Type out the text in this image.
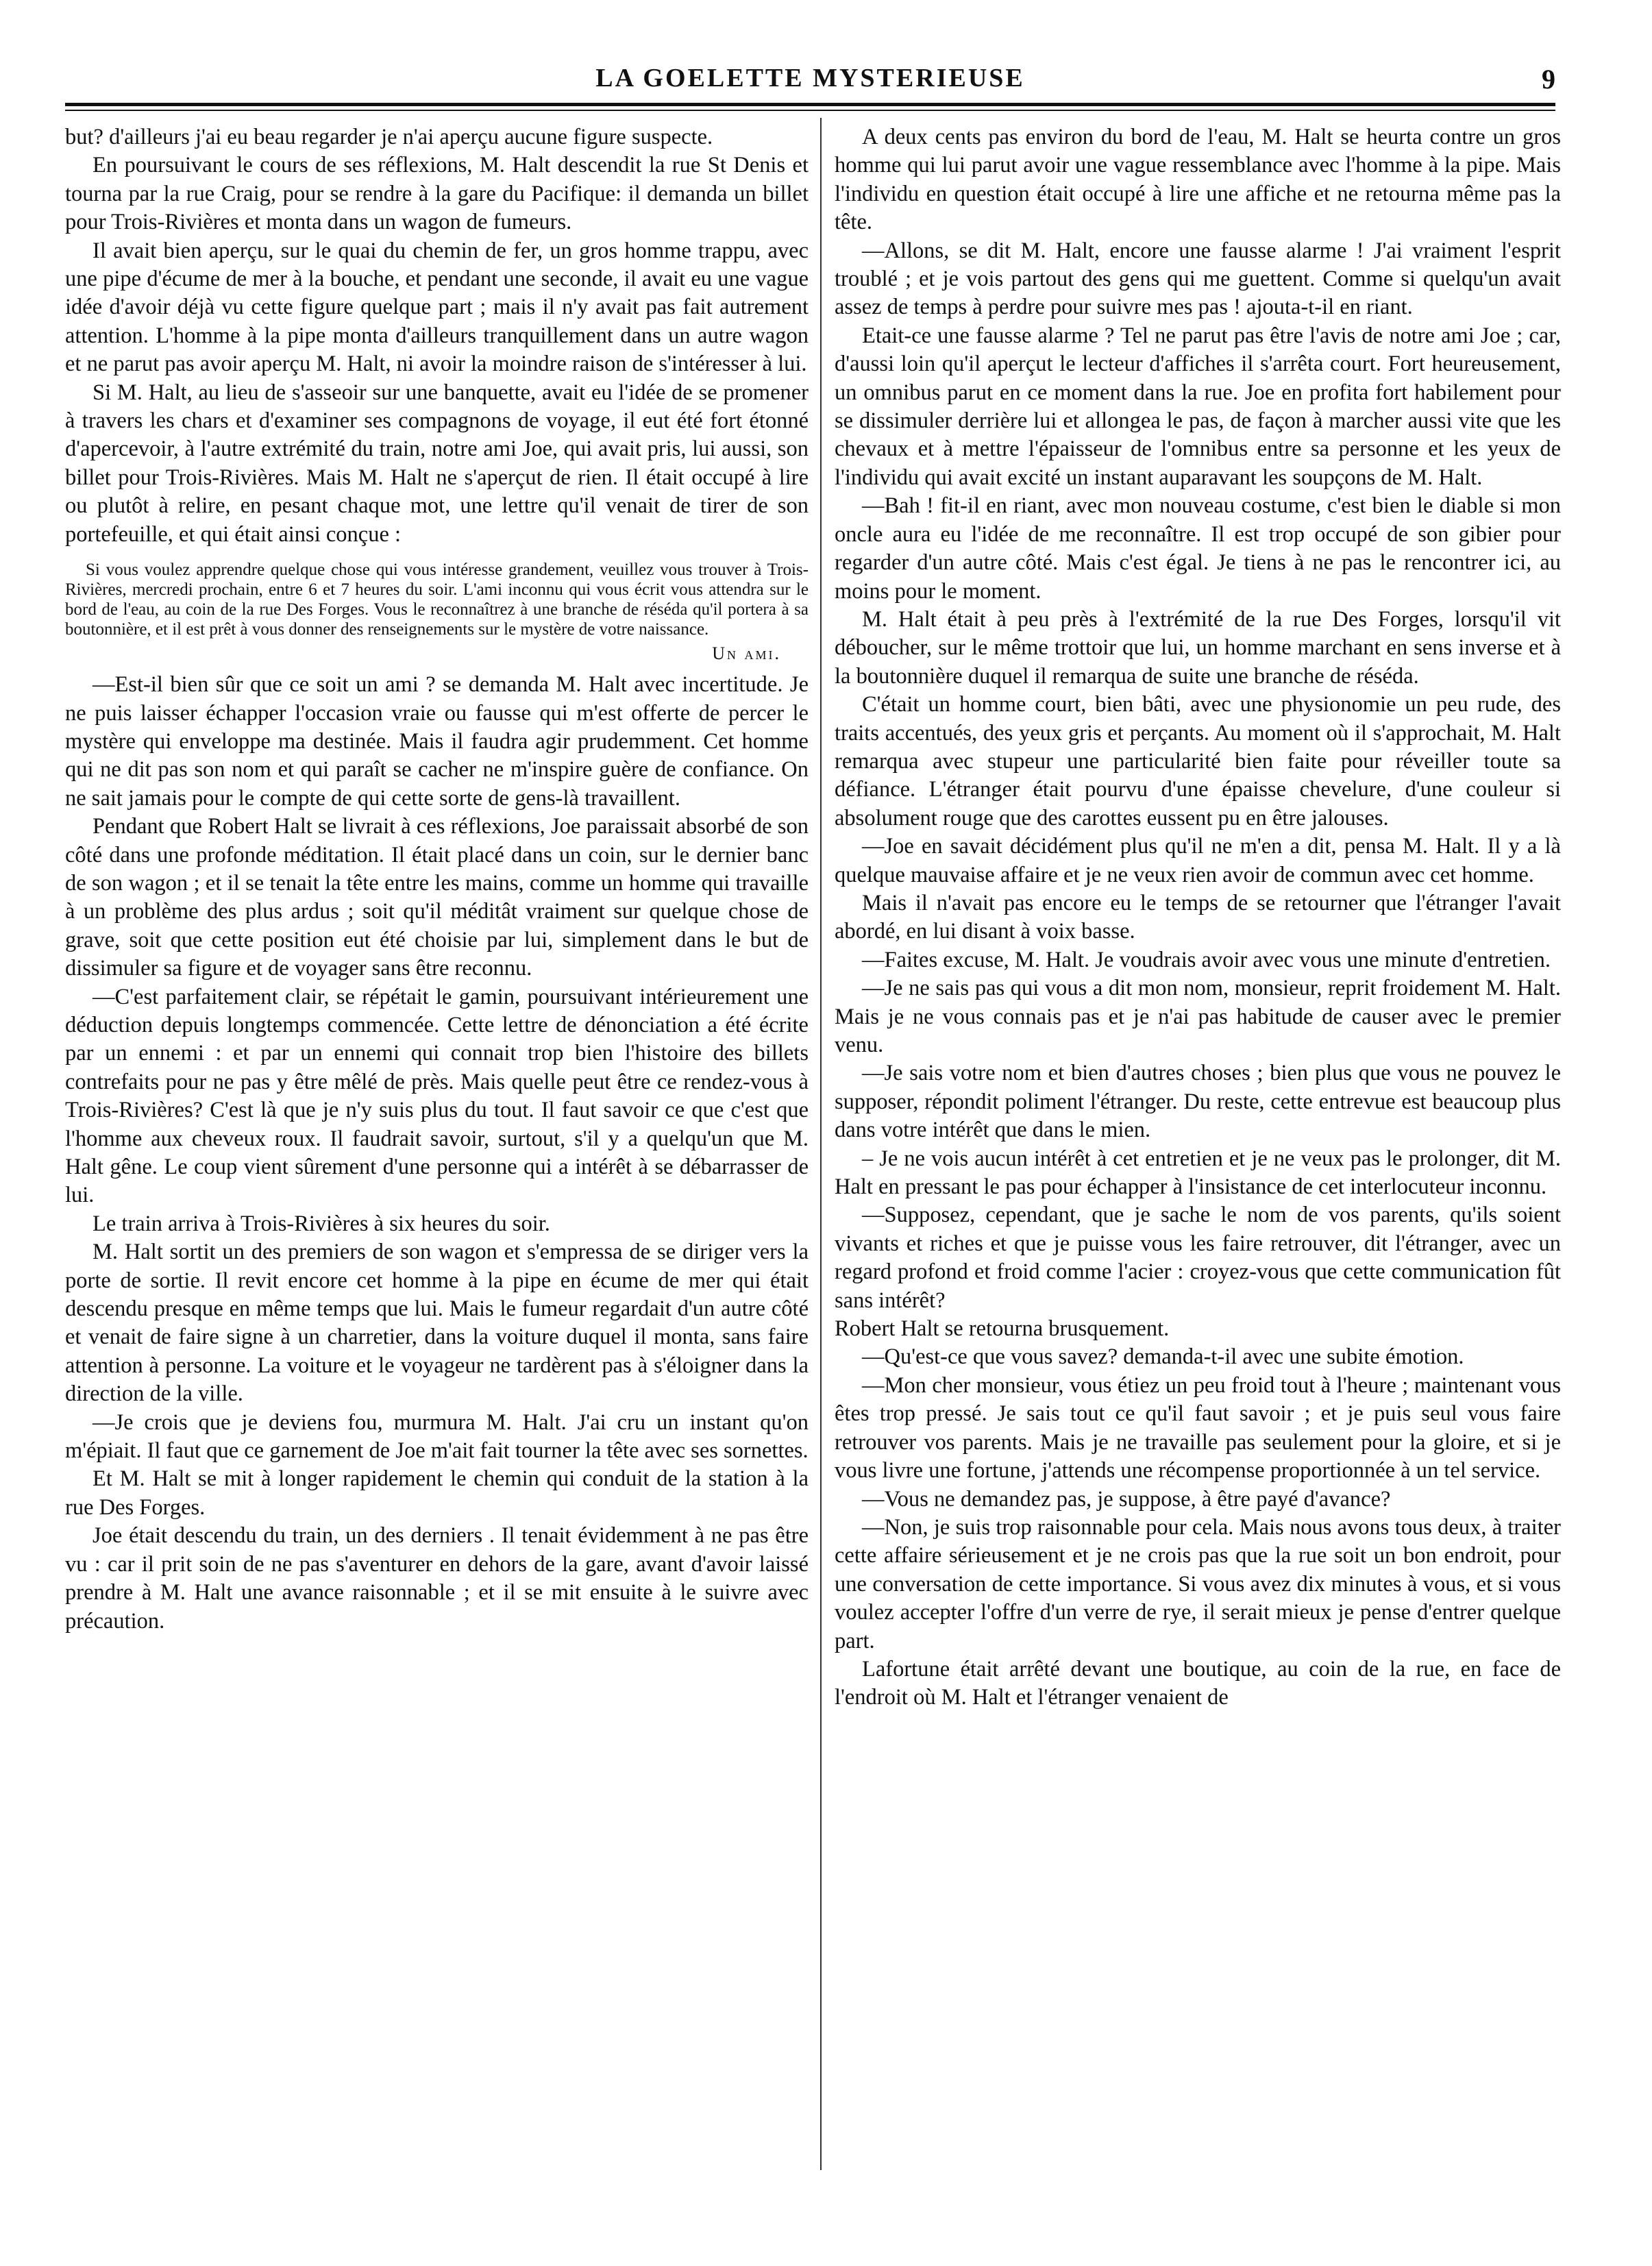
LA GOELETTE MYSTERIEUSE	9

but? d'ailleurs j'ai eu beau regarder je n'ai aperçu aucune figure suspecte.

En poursuivant le cours de ses réflexions, M. Halt descendit la rue St Denis et tourna par la rue Craig, pour se rendre à la gare du Pacifique: il demanda un billet pour Trois-Rivières et monta dans un wagon de fumeurs.

Il avait bien aperçu, sur le quai du chemin de fer, un gros homme trappu, avec une pipe d'écume de mer à la bouche, et pendant une seconde, il avait eu une vague idée d'avoir déjà vu cette figure quelque part ; mais il n'y avait pas fait autrement attention. L'homme à la pipe monta d'ailleurs tranquillement dans un autre wagon et ne parut pas avoir aperçu M. Halt, ni avoir la moindre raison de s'intéresser à lui.

Si M. Halt, au lieu de s'asseoir sur une banquette, avait eu l'idée de se promener à travers les chars et d'examiner ses compagnons de voyage, il eut été fort étonné d'apercevoir, à l'autre extrémité du train, notre ami Joe, qui avait pris, lui aussi, son billet pour Trois-Rivières. Mais M. Halt ne s'aperçut de rien. Il était occupé à lire ou plutôt à relire, en pesant chaque mot, une lettre qu'il venait de tirer de son portefeuille, et qui était ainsi conçue :

Si vous voulez apprendre quelque chose qui vous intéresse grandement, veuillez vous trouver à Trois-Rivières, mercredi prochain, entre 6 et 7 heures du soir. L'ami inconnu qui vous écrit vous attendra sur le bord de l'eau, au coin de la rue Des Forges. Vous le reconnaîtrez à une branche de réséda qu'il portera à sa boutonnière, et il est prêt à vous donner des renseignements sur le mystère de votre naissance.
Un ami.

—Est-il bien sûr que ce soit un ami ? se demanda M. Halt avec incertitude. Je ne puis laisser échapper l'occasion vraie ou fausse qui m'est offerte de percer le mystère qui enveloppe ma destinée. Mais il faudra agir prudemment. Cet homme qui ne dit pas son nom et qui paraît se cacher ne m'inspire guère de confiance. On ne sait jamais pour le compte de qui cette sorte de gens-là travaillent.

Pendant que Robert Halt se livrait à ces réflexions, Joe paraissait absorbé de son côté dans une profonde méditation. Il était placé dans un coin, sur le dernier banc de son wagon ; et il se tenait la tête entre les mains, comme un homme qui travaille à un problème des plus ardus ; soit qu'il méditât vraiment sur quelque chose de grave, soit que cette position eut été choisie par lui, simplement dans le but de dissimuler sa figure et de voyager sans être reconnu.

—C'est parfaitement clair, se répétait le gamin, poursuivant intérieurement une déduction depuis longtemps commencée. Cette lettre de dénonciation a été écrite par un ennemi : et par un ennemi qui connait trop bien l'histoire des billets contrefaits pour ne pas y être mêlé de près. Mais quelle peut être ce rendez-vous à Trois-Rivières? C'est là que je n'y suis plus du tout. Il faut savoir ce que c'est que l'homme aux cheveux roux. Il faudrait savoir, surtout, s'il y a quelqu'un que M. Halt gêne. Le coup vient sûrement d'une personne qui a intérêt à se débarrasser de lui.

Le train arriva à Trois-Rivières à six heures du soir.

M. Halt sortit un des premiers de son wagon et s'empressa de se diriger vers la porte de sortie. Il revit encore cet homme à la pipe en écume de mer qui était descendu presque en même temps que lui. Mais le fumeur regardait d'un autre côté et venait de faire signe à un charretier, dans la voiture duquel il monta, sans faire attention à personne. La voiture et le voyageur ne tardèrent pas à s'éloigner dans la direction de la ville.

—Je crois que je deviens fou, murmura M. Halt. J'ai cru un instant qu'on m'épiait. Il faut que ce garnement de Joe m'ait fait tourner la tête avec ses sornettes.

Et M. Halt se mit à longer rapidement le chemin qui conduit de la station à la rue Des Forges.

Joe était descendu du train, un des derniers . Il tenait évidemment à ne pas être vu : car il prit soin de ne pas s'aventurer en dehors de la gare, avant d'avoir laissé prendre à M. Halt une avance raisonnable ; et il se mit ensuite à le suivre avec précaution.

A deux cents pas environ du bord de l'eau, M. Halt se heurta contre un gros homme qui lui parut avoir une vague ressemblance avec l'homme à la pipe. Mais l'individu en question était occupé à lire une affiche et ne retourna même pas la tête.

—Allons, se dit M. Halt, encore une fausse alarme ! J'ai vraiment l'esprit troublé ; et je vois partout des gens qui me guettent. Comme si quelqu'un avait assez de temps à perdre pour suivre mes pas ! ajouta-t-il en riant.

Etait-ce une fausse alarme ? Tel ne parut pas être l'avis de notre ami Joe ; car, d'aussi loin qu'il aperçut le lecteur d'affiches il s'arrêta court. Fort heureusement, un omnibus parut en ce moment dans la rue. Joe en profita fort habilement pour se dissimuler derrière lui et allongea le pas, de façon à marcher aussi vite que les chevaux et à mettre l'épaisseur de l'omnibus entre sa personne et les yeux de l'individu qui avait excité un instant auparavant les soupçons de M. Halt.

—Bah ! fit-il en riant, avec mon nouveau costume, c'est bien le diable si mon oncle aura eu l'idée de me reconnaître. Il est trop occupé de son gibier pour regarder d'un autre côté. Mais c'est égal. Je tiens à ne pas le rencontrer ici, au moins pour le moment.

M. Halt était à peu près à l'extrémité de la rue Des Forges, lorsqu'il vit déboucher, sur le même trottoir que lui, un homme marchant en sens inverse et à la boutonnière duquel il remarqua de suite une branche de réséda.

C'était un homme court, bien bâti, avec une physionomie un peu rude, des traits accentués, des yeux gris et perçants. Au moment où il s'approchait, M. Halt remarqua avec stupeur une particularité bien faite pour réveiller toute sa défiance. L'étranger était pourvu d'une épaisse chevelure, d'une couleur si absolument rouge que des carottes eussent pu en être jalouses.

—Joe en savait décidément plus qu'il ne m'en a dit, pensa M. Halt. Il y a là quelque mauvaise affaire et je ne veux rien avoir de commun avec cet homme.

Mais il n'avait pas encore eu le temps de se retourner que l'étranger l'avait abordé, en lui disant à voix basse.

—Faites excuse, M. Halt. Je voudrais avoir avec vous une minute d'entretien.

—Je ne sais pas qui vous a dit mon nom, monsieur, reprit froidement M. Halt. Mais je ne vous connais pas et je n'ai pas habitude de causer avec le premier venu.

—Je sais votre nom et bien d'autres choses ; bien plus que vous ne pouvez le supposer, répondit poliment l'étranger. Du reste, cette entrevue est beaucoup plus dans votre intérêt que dans le mien.

– Je ne vois aucun intérêt à cet entretien et je ne veux pas le prolonger, dit M. Halt en pressant le pas pour échapper à l'insistance de cet interlocuteur inconnu.

—Supposez, cependant, que je sache le nom de vos parents, qu'ils soient vivants et riches et que je puisse vous les faire retrouver, dit l'étranger, avec un regard profond et froid comme l'acier : croyez-vous que cette communication fût sans intérêt?

Robert Halt se retourna brusquement.

—Qu'est-ce que vous savez? demanda-t-il avec une subite émotion.

—Mon cher monsieur, vous étiez un peu froid tout à l'heure ; maintenant vous êtes trop pressé. Je sais tout ce qu'il faut savoir ; et je puis seul vous faire retrouver vos parents. Mais je ne travaille pas seulement pour la gloire, et si je vous livre une fortune, j'attends une récompense proportionnée à un tel service.

—Vous ne demandez pas, je suppose, à être payé d'avance?

—Non, je suis trop raisonnable pour cela. Mais nous avons tous deux, à traiter cette affaire sérieusement et je ne crois pas que la rue soit un bon endroit, pour une conversation de cette importance. Si vous avez dix minutes à vous, et si vous voulez accepter l'offre d'un verre de rye, il serait mieux je pense d'entrer quelque part.

Lafortune était arrêté devant une boutique, au coin de la rue, en face de l'endroit où M. Halt et l'étranger venaient de
